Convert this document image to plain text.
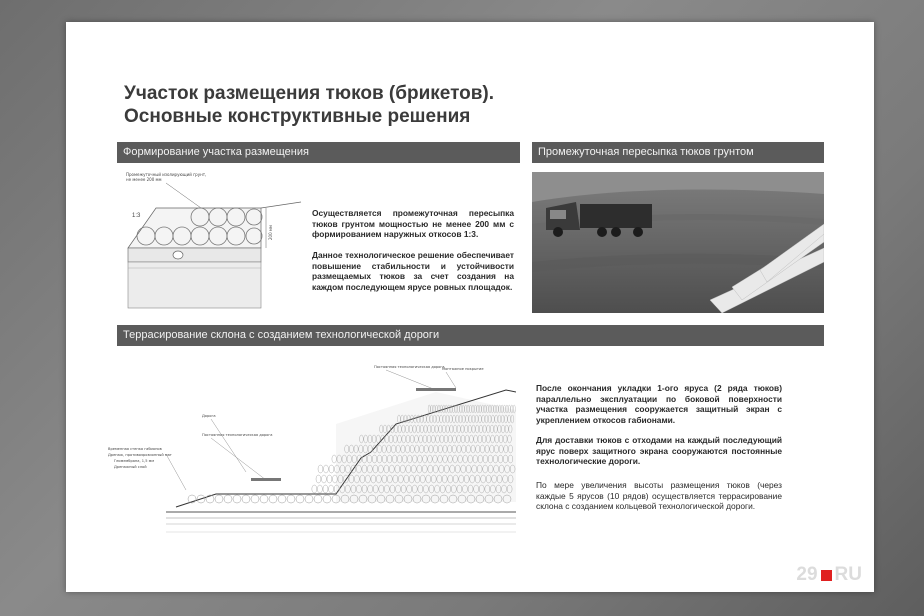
Участок размещения тюков (брикетов).
Основные конструктивные решения
Формирование участка размещения	Промежуточная пересыпка тюков грунтом
Промежуточный изолирующий грунт,
не менее 200 мм
1:3
200 мм

Осуществляется промежуточная пересыпка тюков грунтом мощностью не менее 200 мм с формированием наружных откосов 1:3.

Данное технологическое решение обеспечивает повышение стабильности и устойчивости размещаемых тюков за счет создания на каждом последующем ярусе ровных площадок.

Террасирование склона с созданием технологической дороги
Постоянная технологическая дорога
Монтажное покрытие
Дорога
Постоянная технологическая дорога
Временная стенка габионов
Дренаж, противоэрозионный мат
Геомембрана, 1,5 мм
Дренажный слой

После окончания укладки 1-ого яруса (2 ряда тюков) параллельно эксплуатации по боковой поверхности участка размещения сооружается защитный экран с укреплением откосов габионами.

Для доставки тюков с отходами на каждый последующий ярус поверх защитного экрана сооружаются постоянные технологические дороги.

По мере увеличения высоты размещения тюков (через каждые 5 ярусов (10 рядов) осуществляется террасирование склона с созданием кольцевой технологической дороги.

29 RU
